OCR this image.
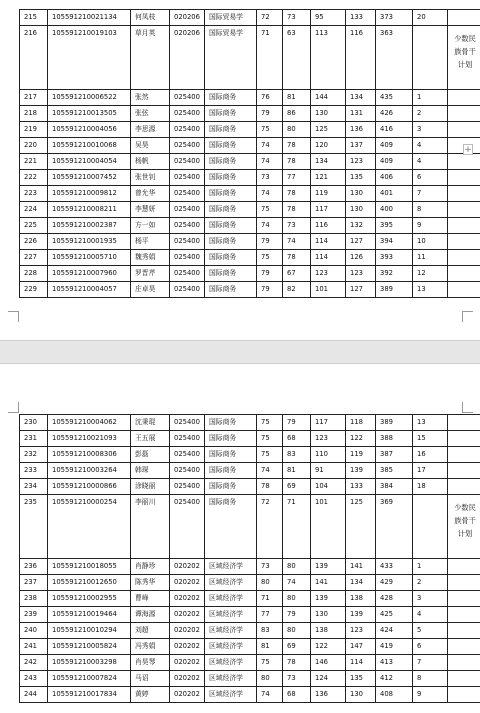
215	105591210021134	何凤枝	020206	国际贸易学	72	73	95	133	373	20	
216	105591210019103	草月英	020206	国际贸易学	71	63	113	116	363		少数民族骨干计划
217	105591210006522	张然	025400	国际商务	76	81	144	134	435	1	
218	105591210013505	张弦	025400	国际商务	79	86	130	131	426	2	
219	105591210004056	李思源	025400	国际商务	75	80	125	136	416	3	
220	105591210010068	吴昊	025400	国际商务	74	78	120	137	409	4	
221	105591210004054	杨帆	025400	国际商务	74	78	134	123	409	4	
222	105591210007452	张世钊	025400	国际商务	73	77	121	135	406	6	
223	105591210009812	曾允华	025400	国际商务	74	78	119	130	401	7	
224	105591210008211	李慧妍	025400	国际商务	75	78	117	130	400	8	
225	105591210002387	方一如	025400	国际商务	74	73	116	132	395	9	
226	105591210001935	杨平	025400	国际商务	79	74	114	127	394	10	
227	105591210005710	魏秀娟	025400	国际商务	75	78	114	126	393	11	
228	105591210007960	罗晋芹	025400	国际商务	79	67	123	123	392	12	
229	105591210004057	庄卓昊	025400	国际商务	79	82	101	127	389	13	
+
230	105591210004062	沈秉琨	025400	国际商务	75	79	117	118	389	13	
231	105591210021093	王五展	025400	国际商务	75	68	123	122	388	15	
232	105591210008306	彭磊	025400	国际商务	75	83	110	119	387	16	
233	105591210003264	韩琛	025400	国际商务	74	81	91	139	385	17	
234	105591210000866	涂晓丽	025400	国际商务	78	69	104	133	384	18	
235	105591210000254	李丽川	025400	国际商务	72	71	101	125	369		少数民族骨干计划
236	105591210018055	肖静珍	020202	区域经济学	73	80	139	141	433	1	
237	105591210012650	陈秀华	020202	区域经济学	80	74	141	134	429	2	
238	105591210002955	曹峰	020202	区域经济学	71	80	139	138	428	3	
239	105591210019464	谭海源	020202	区域经济学	77	79	130	139	425	4	
240	105591210010294	刘超	020202	区域经济学	83	80	138	123	424	5	
241	105591210005824	冯秀娟	020202	区域经济学	81	69	122	147	419	6	
242	105591210003298	肖昊琴	020202	区域经济学	75	78	146	114	413	7	
243	105591210007824	马诏	020202	区域经济学	80	73	124	135	412	8	
244	105591210017834	黄婷	020202	区域经济学	74	68	136	130	408	9	
